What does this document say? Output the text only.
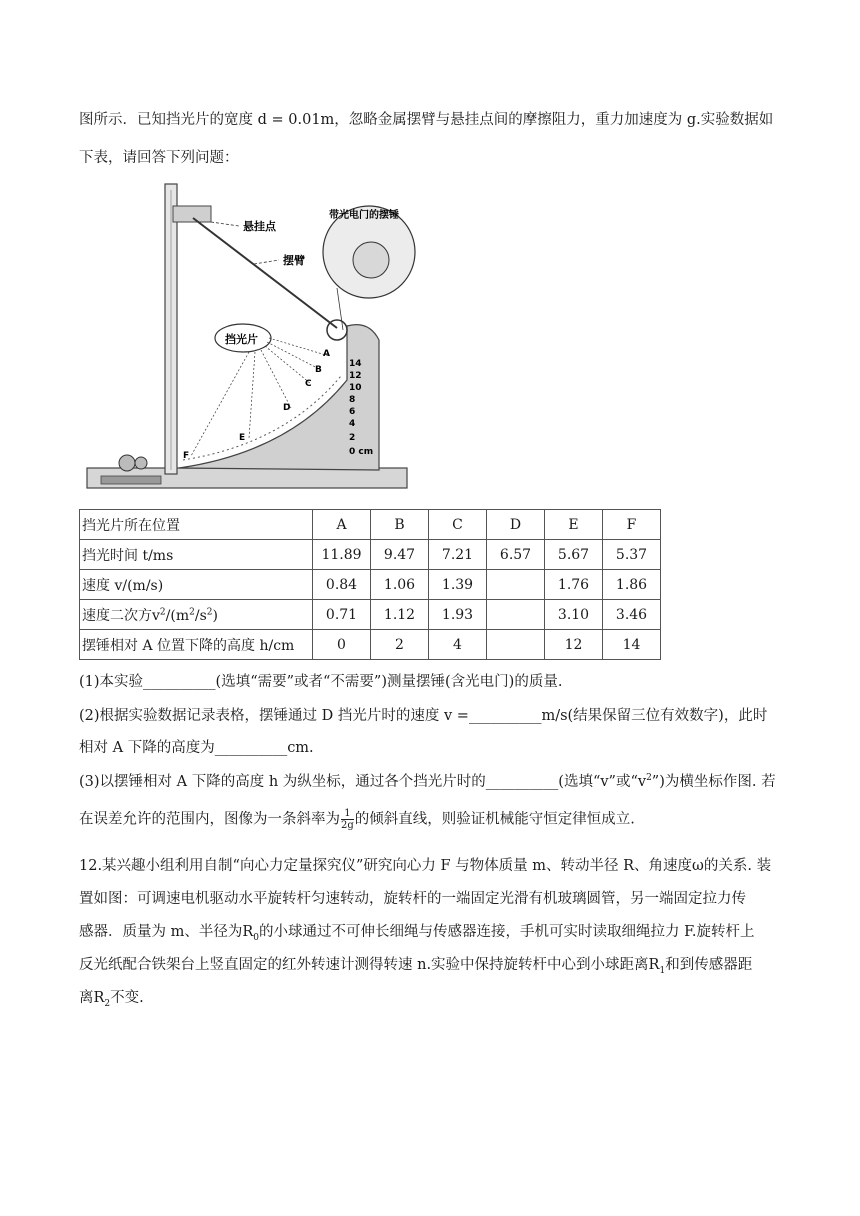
图所示．已知挡光片的宽度 d = 0.01m，忽略金属摆臂与悬挂点间的摩擦阻力，重力加速度为 g.实验数据如
下表，请回答下列问题：
悬挂点
摆臂
带光电门的摆锤
挡光片
A
B
C
D
E
F
14
12
10
8
6
4
2
0 cm
挡光片所在位置	A	B	C	D	E	F
挡光时间 t/ms	11.89	9.47	7.21	6.57	5.67	5.37
速度 v/(m/s)	0.84	1.06	1.39		1.76	1.86
速度二次方$v^2/(m^2/s^2)$	0.71	1.12	1.93		3.10	3.46
摆锤相对 A 位置下降的高度 h/cm	0	2	4		12	14
(1)本实验__________(选填“需要”或者“不需要”)测量摆锤(含光电门)的质量.
(2)根据实验数据记录表格，摆锤通过 D 挡光片时的速度 v =__________m/s(结果保留三位有效数字)，此时
相对 A 下降的高度为__________cm.
(3)以摆锤相对 A 下降的高度 h 为纵坐标，通过各个挡光片时的__________(选填“v”或“$v^2$”)为横坐标作图. 若
在误差允许的范围内，图像为一条斜率为 $\frac{1}{2g}$ 的倾斜直线，则验证机械能守恒定律恒成立.
12.某兴趣小组利用自制“向心力定量探究仪”研究向心力 F 与物体质量 m、转动半径 R、角速度ω的关系. 装
置如图：可调速电机驱动水平旋转杆匀速转动，旋转杆的一端固定光滑有机玻璃圆管，另一端固定拉力传
感器．质量为 m、半径为$R_0$的小球通过不可伸长细绳与传感器连接，手机可实时读取细绳拉力 F.旋转杆上
反光纸配合铁架台上竖直固定的红外转速计测得转速 n.实验中保持旋转杆中心到小球距离$R_1$和到传感器距
离$R_2$不变.
